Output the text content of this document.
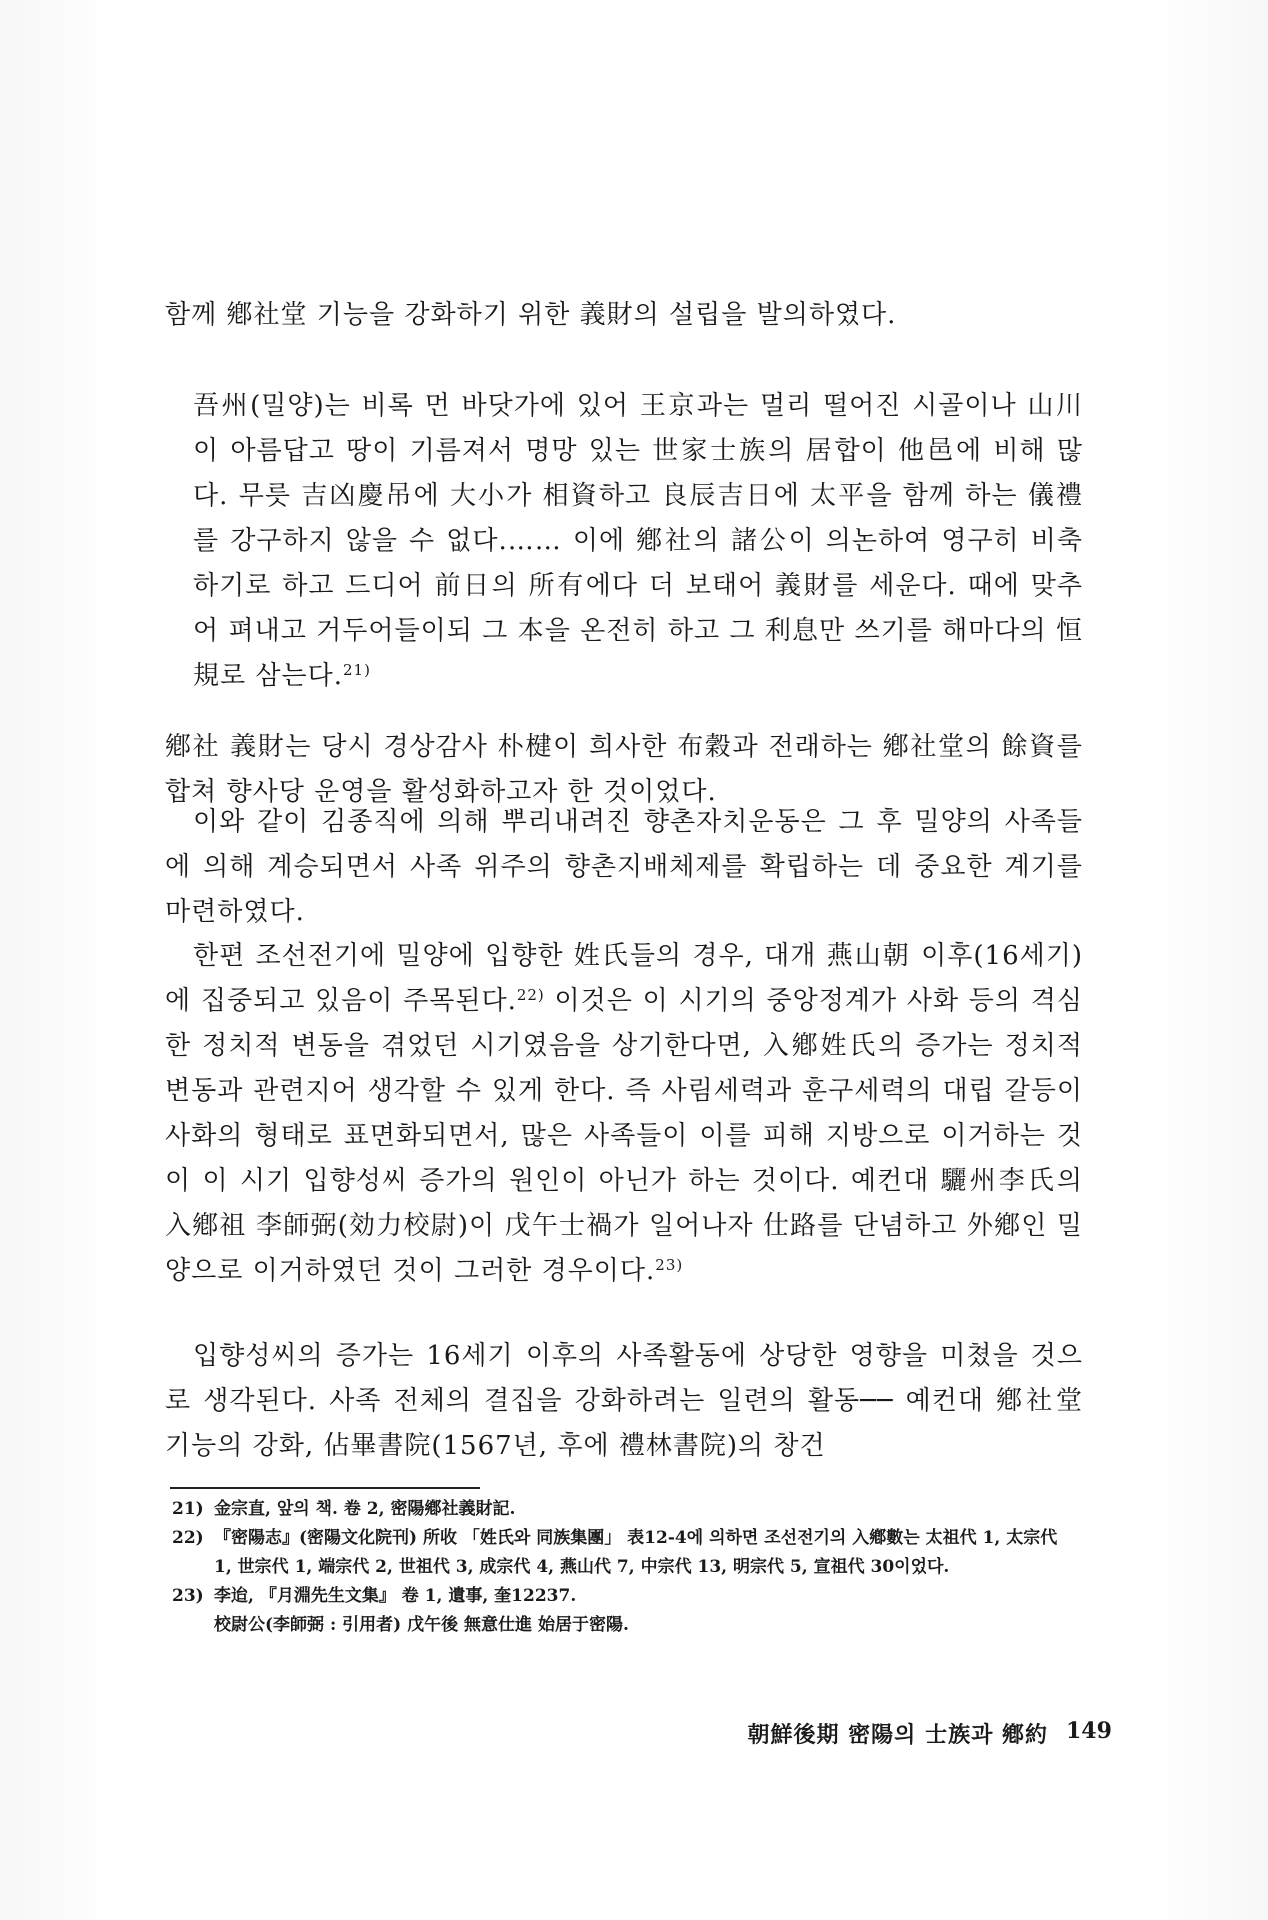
함께 鄕社堂 기능을 강화하기 위한 義財의 설립을 발의하였다.

吾州(밀양)는 비록 먼 바닷가에 있어 王京과는 멀리 떨어진 시골이나 山川이 아름답고 땅이 기름져서 명망 있는 世家士族의 居합이 他邑에 비해 많다. 무릇 吉凶慶吊에 大小가 相資하고 良辰吉日에 太平을 함께 하는 儀禮를 강구하지 않을 수 없다.…… 이에 鄕社의 諸公이 의논하여 영구히 비축하기로 하고 드디어 前日의 所有에다 더 보태어 義財를 세운다. 때에 맞추어 펴내고 거두어들이되 그 本을 온전히 하고 그 利息만 쓰기를 해마다의 恒規로 삼는다.$^{21)}$

鄕社 義財는 당시 경상감사 朴楗이 희사한 布穀과 전래하는 鄕社堂의 餘資를 합쳐 향사당 운영을 활성화하고자 한 것이었다.

이와 같이 김종직에 의해 뿌리내려진 향촌자치운동은 그 후 밀양의 사족들에 의해 계승되면서 사족 위주의 향촌지배체제를 확립하는 데 중요한 계기를 마련하였다.

한편 조선전기에 밀양에 입향한 姓氏들의 경우, 대개 燕山朝 이후(16세기)에 집중되고 있음이 주목된다.$^{22)}$ 이것은 이 시기의 중앙정계가 사화 등의 격심한 정치적 변동을 겪었던 시기였음을 상기한다면, 入鄕姓氏의 증가는 정치적 변동과 관련지어 생각할 수 있게 한다. 즉 사림세력과 훈구세력의 대립 갈등이 사화의 형태로 표면화되면서, 많은 사족들이 이를 피해 지방으로 이거하는 것이 이 시기 입향성씨 증가의 원인이 아닌가 하는 것이다. 예컨대 驪州李氏의 入鄕祖 李師弼(効力校尉)이 戊午士禍가 일어나자 仕路를 단념하고 外鄕인 밀양으로 이거하였던 것이 그러한 경우이다.$^{23)}$

입향성씨의 증가는 16세기 이후의 사족활동에 상당한 영향을 미쳤을 것으로 생각된다. 사족 전체의 결집을 강화하려는 일련의 활동── 예컨대 鄕社堂 기능의 강화, 佔畢書院(1567년, 후에 禮林書院)의 창건

21) 金宗直, 앞의 책. 卷 2, 密陽鄕社義財記.
22) 『密陽志』(密陽文化院刊) 所收 「姓氏와 同族集團」 表12-4에 의하면 조선전기의 入鄕數는 太祖代 1, 太宗代 1, 世宗代 1, 端宗代 2, 世祖代 3, 成宗代 4, 燕山代 7, 中宗代 13, 明宗代 5, 宣祖代 30이었다.
23) 李迨, 『月淵先生文集』 卷 1, 遺事, 奎12237.
校尉公(李師弼 : 引用者) 戊午後 無意仕進 始居于密陽.
朝鮮後期 密陽의 士族과 鄕約 149
